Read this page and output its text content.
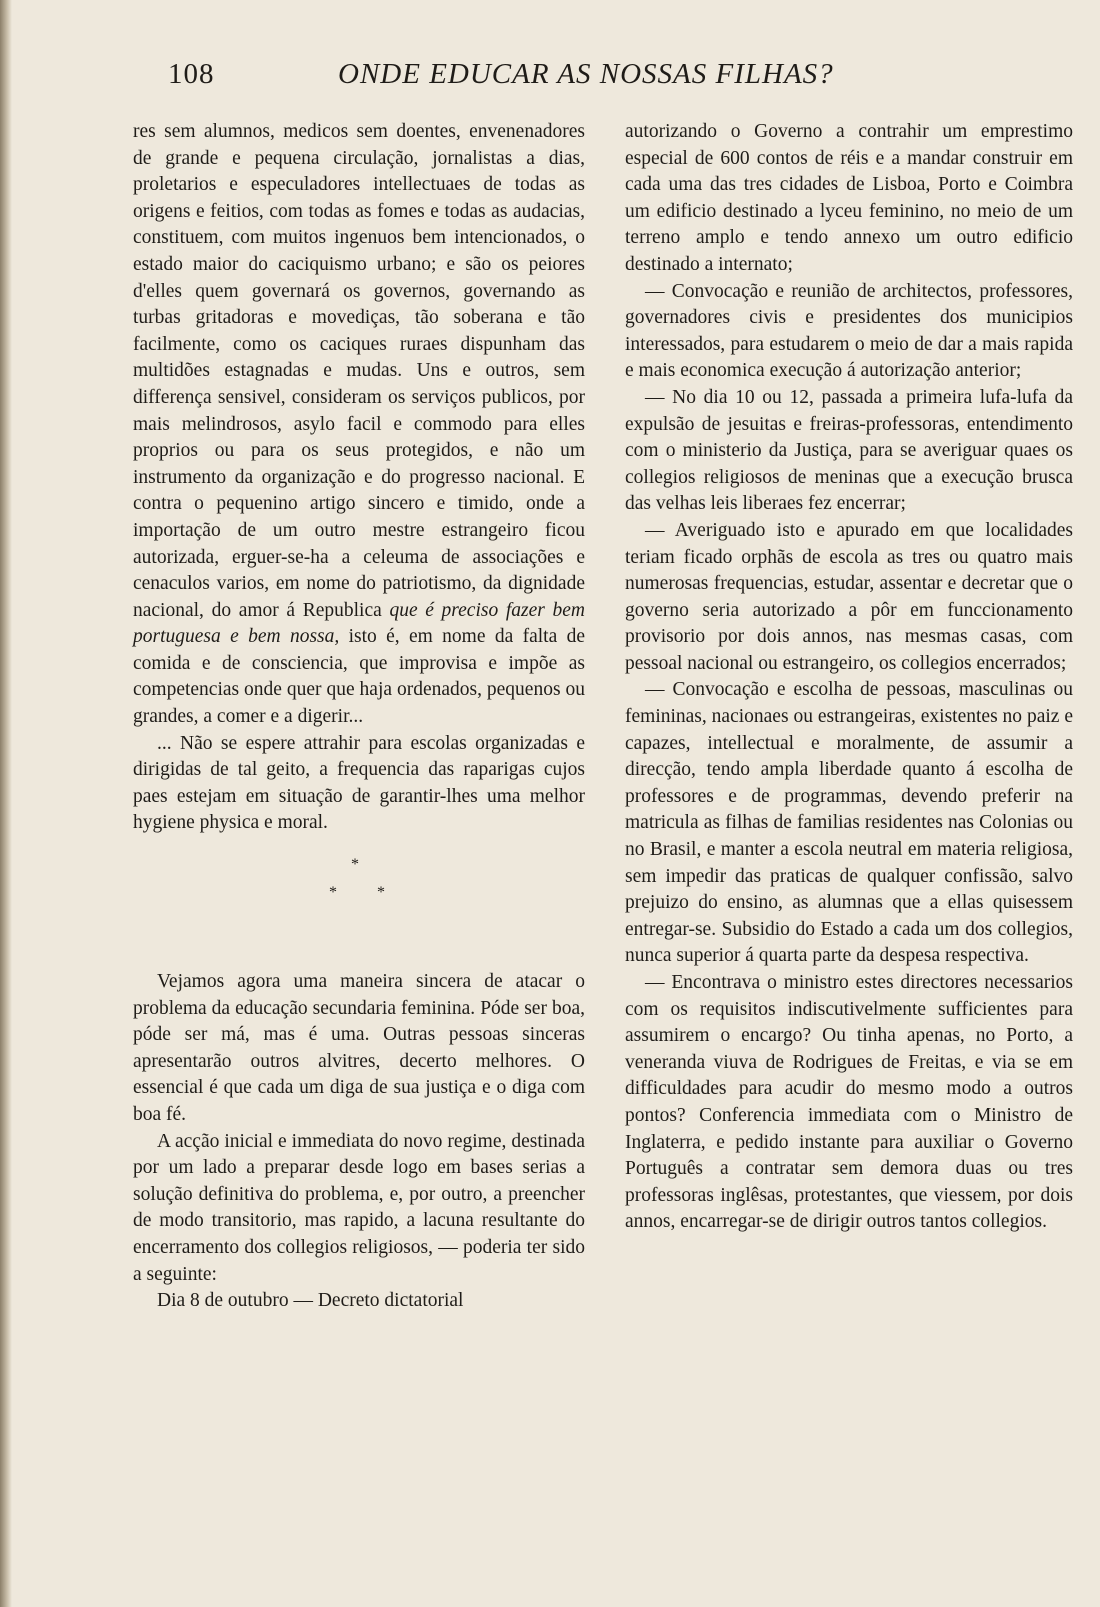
108	ONDE EDUCAR AS NOSSAS FILHAS?

res sem alumnos, medicos sem doentes, envenenadores de grande e pequena circulação, jornalistas a dias, proletarios e especuladores intellectuaes de todas as origens e feitios, com todas as fomes e todas as audacias, constituem, com muitos ingenuos bem intencionados, o estado maior do caciquismo urbano; e são os peiores d'elles quem governará os governos, governando as turbas gritadoras e movediças, tão soberana e tão facilmente, como os caciques ruraes dispunham das multidões estagnadas e mudas. Uns e outros, sem differença sensivel, consideram os serviços publicos, por mais melindrosos, asylo facil e commodo para elles proprios ou para os seus protegidos, e não um instrumento da organização e do progresso nacional. E contra o pequenino artigo sincero e timido, onde a importação de um outro mestre estrangeiro ficou autorizada, erguer-se-ha a celeuma de associações e cenaculos varios, em nome do patriotismo, da dignidade nacional, do amor á Republica que é preciso fazer bem portuguesa e bem nossa, isto é, em nome da falta de comida e de consciencia, que improvisa e impõe as competencias onde quer que haja ordenados, pequenos ou grandes, a comer e a digerir...

... Não se espere attrahir para escolas organizadas e dirigidas de tal geito, a frequencia das raparigas cujos paes estejam em situação de garantir-lhes uma melhor hygiene physica e moral.

*
*	*

Vejamos agora uma maneira sincera de atacar o problema da educação secundaria feminina. Póde ser boa, póde ser má, mas é uma. Outras pessoas sinceras apresentarão outros alvitres, decerto melhores. O essencial é que cada um diga de sua justiça e o diga com boa fé.

A acção inicial e immediata do novo regime, destinada por um lado a preparar desde logo em bases serias a solução definitiva do problema, e, por outro, a preencher de modo transitorio, mas rapido, a lacuna resultante do encerramento dos collegios religiosos, — poderia ter sido a seguinte:

Dia 8 de outubro — Decreto dictatorial

autorizando o Governo a contrahir um emprestimo especial de 600 contos de réis e a mandar construir em cada uma das tres cidades de Lisboa, Porto e Coimbra um edificio destinado a lyceu feminino, no meio de um terreno amplo e tendo annexo um outro edificio destinado a internato;

— Convocação e reunião de architectos, professores, governadores civis e presidentes dos municipios interessados, para estudarem o meio de dar a mais rapida e mais economica execução á autorização anterior;

— No dia 10 ou 12, passada a primeira lufa-lufa da expulsão de jesuitas e freiras-professoras, entendimento com o ministerio da Justiça, para se averiguar quaes os collegios religiosos de meninas que a execução brusca das velhas leis liberaes fez encerrar;

— Averiguado isto e apurado em que localidades teriam ficado orphãs de escola as tres ou quatro mais numerosas frequencias, estudar, assentar e decretar que o governo seria autorizado a pôr em funccionamento provisorio por dois annos, nas mesmas casas, com pessoal nacional ou estrangeiro, os collegios encerrados;

— Convocação e escolha de pessoas, masculinas ou femininas, nacionaes ou estrangeiras, existentes no paiz e capazes, intellectual e moralmente, de assumir a direcção, tendo ampla liberdade quanto á escolha de professores e de programmas, devendo preferir na matricula as filhas de familias residentes nas Colonias ou no Brasil, e manter a escola neutral em materia religiosa, sem impedir das praticas de qualquer confissão, salvo prejuizo do ensino, as alumnas que a ellas quisessem entregar-se. Subsidio do Estado a cada um dos collegios, nunca superior á quarta parte da despesa respectiva.

— Encontrava o ministro estes directores necessarios com os requisitos indiscutivelmente sufficientes para assumirem o encargo? Ou tinha apenas, no Porto, a veneranda viuva de Rodrigues de Freitas, e via se em difficuldades para acudir do mesmo modo a outros pontos? Conferencia immediata com o Ministro de Inglaterra, e pedido instante para auxiliar o Governo Português a contratar sem demora duas ou tres professoras inglêsas, protestantes, que viessem, por dois annos, encarregar-se de dirigir outros tantos collegios.
